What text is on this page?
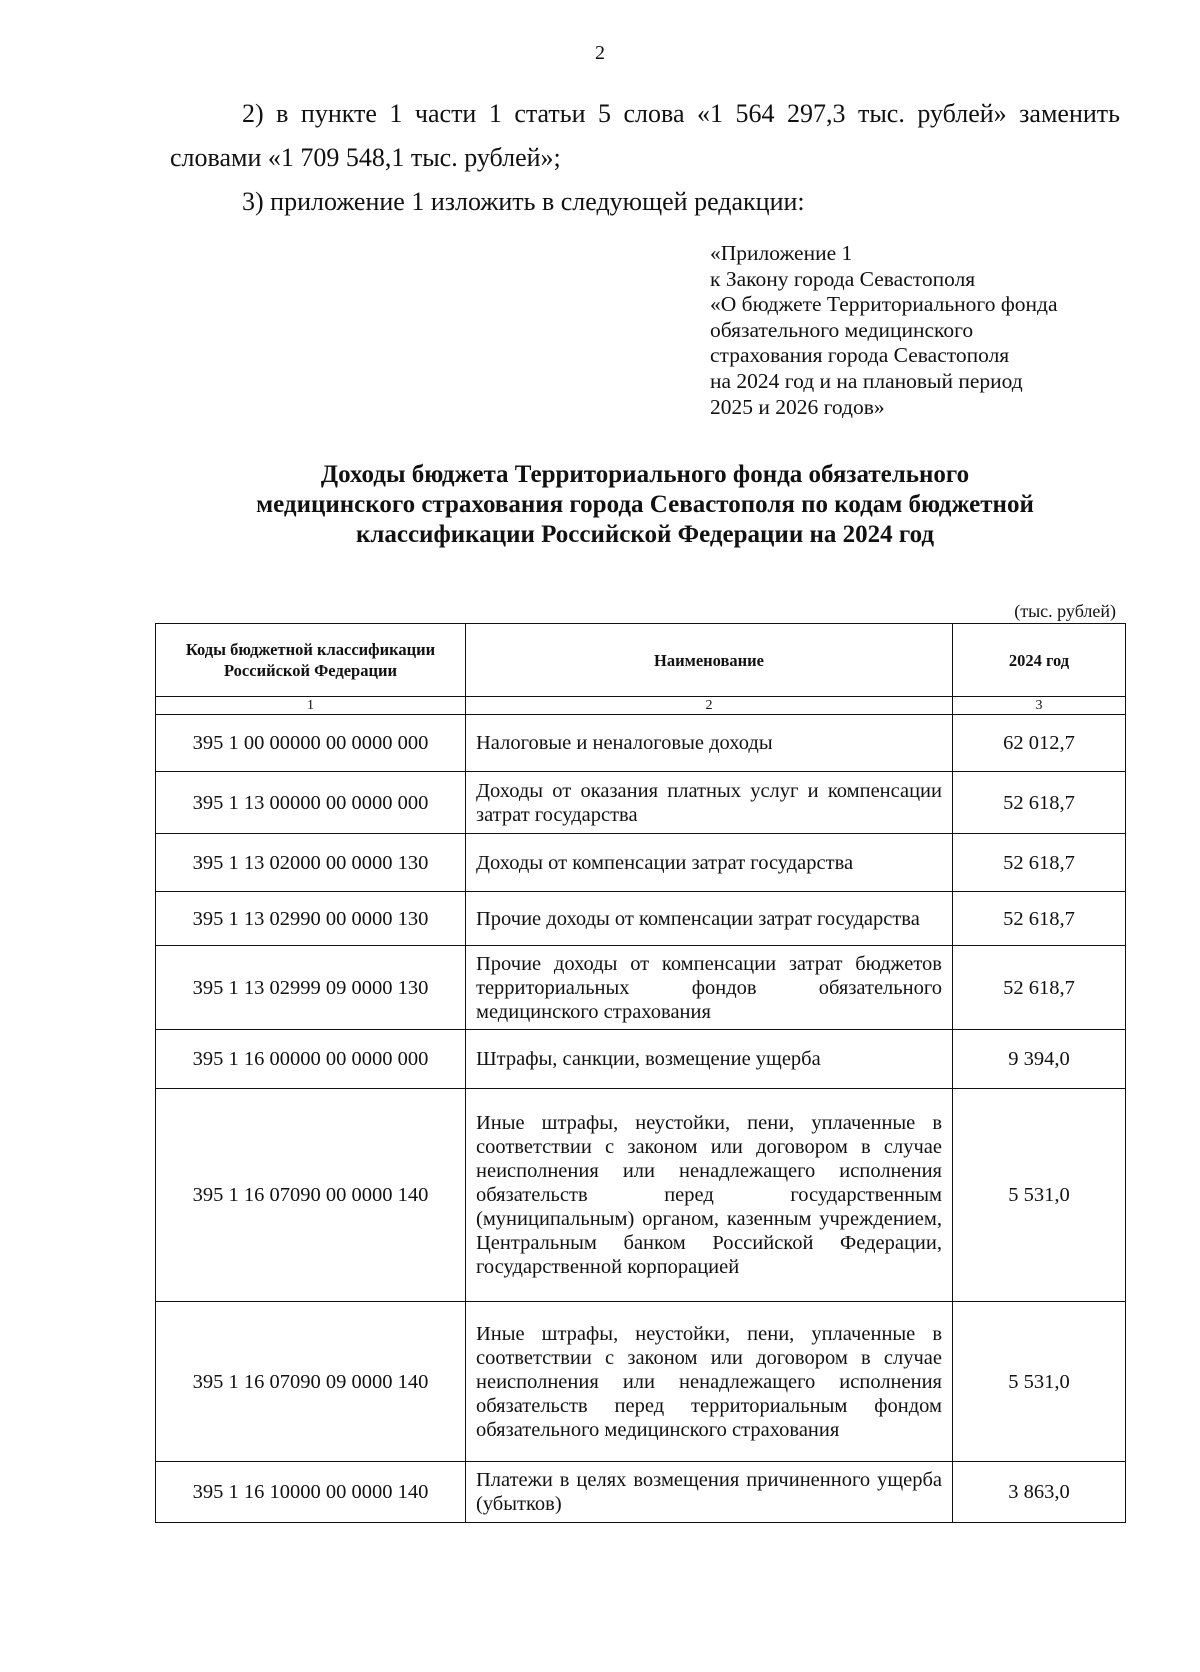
2

2) в пункте 1 части 1 статьи 5 слова «1 564 297,3 тыс. рублей» заменить словами «1 709 548,1 тыс. рублей»;

3) приложение 1 изложить в следующей редакции:

«Приложение 1
к Закону города Севастополя
«О бюджете Территориального фонда
обязательного медицинского
страхования города Севастополя
на 2024 год и на плановый период
2025 и 2026 годов»
Доходы бюджета Территориального фонда обязательного
медицинского страхования города Севастополя по кодам бюджетной
классификации Российской Федерации на 2024 год
(тыс. рублей)
Коды бюджетной классификации Российской Федерации	Наименование	2024 год
1	2	3
395 1 00 00000 00 0000 000	Налоговые и неналоговые доходы	62 012,7
395 1 13 00000 00 0000 000	Доходы от оказания платных услуг и компенсации затрат государства	52 618,7
395 1 13 02000 00 0000 130	Доходы от компенсации затрат государства	52 618,7
395 1 13 02990 00 0000 130	Прочие доходы от компенсации затрат государства	52 618,7
395 1 13 02999 09 0000 130	Прочие доходы от компенсации затрат бюджетов территориальных фондов обязательного медицинского страхования	52 618,7
395 1 16 00000 00 0000 000	Штрафы, санкции, возмещение ущерба	9 394,0
395 1 16 07090 00 0000 140	Иные штрафы, неустойки, пени, уплаченные в соответствии с законом или договором в случае неисполнения или ненадлежащего исполнения обязательств перед государственным (муниципальным) органом, казенным учреждением, Центральным банком Российской Федерации, государственной корпорацией	5 531,0
395 1 16 07090 09 0000 140	Иные штрафы, неустойки, пени, уплаченные в соответствии с законом или договором в случае неисполнения или ненадлежащего исполнения обязательств перед территориальным фондом обязательного медицинского страхования	5 531,0
395 1 16 10000 00 0000 140	Платежи в целях возмещения причиненного ущерба (убытков)	3 863,0
